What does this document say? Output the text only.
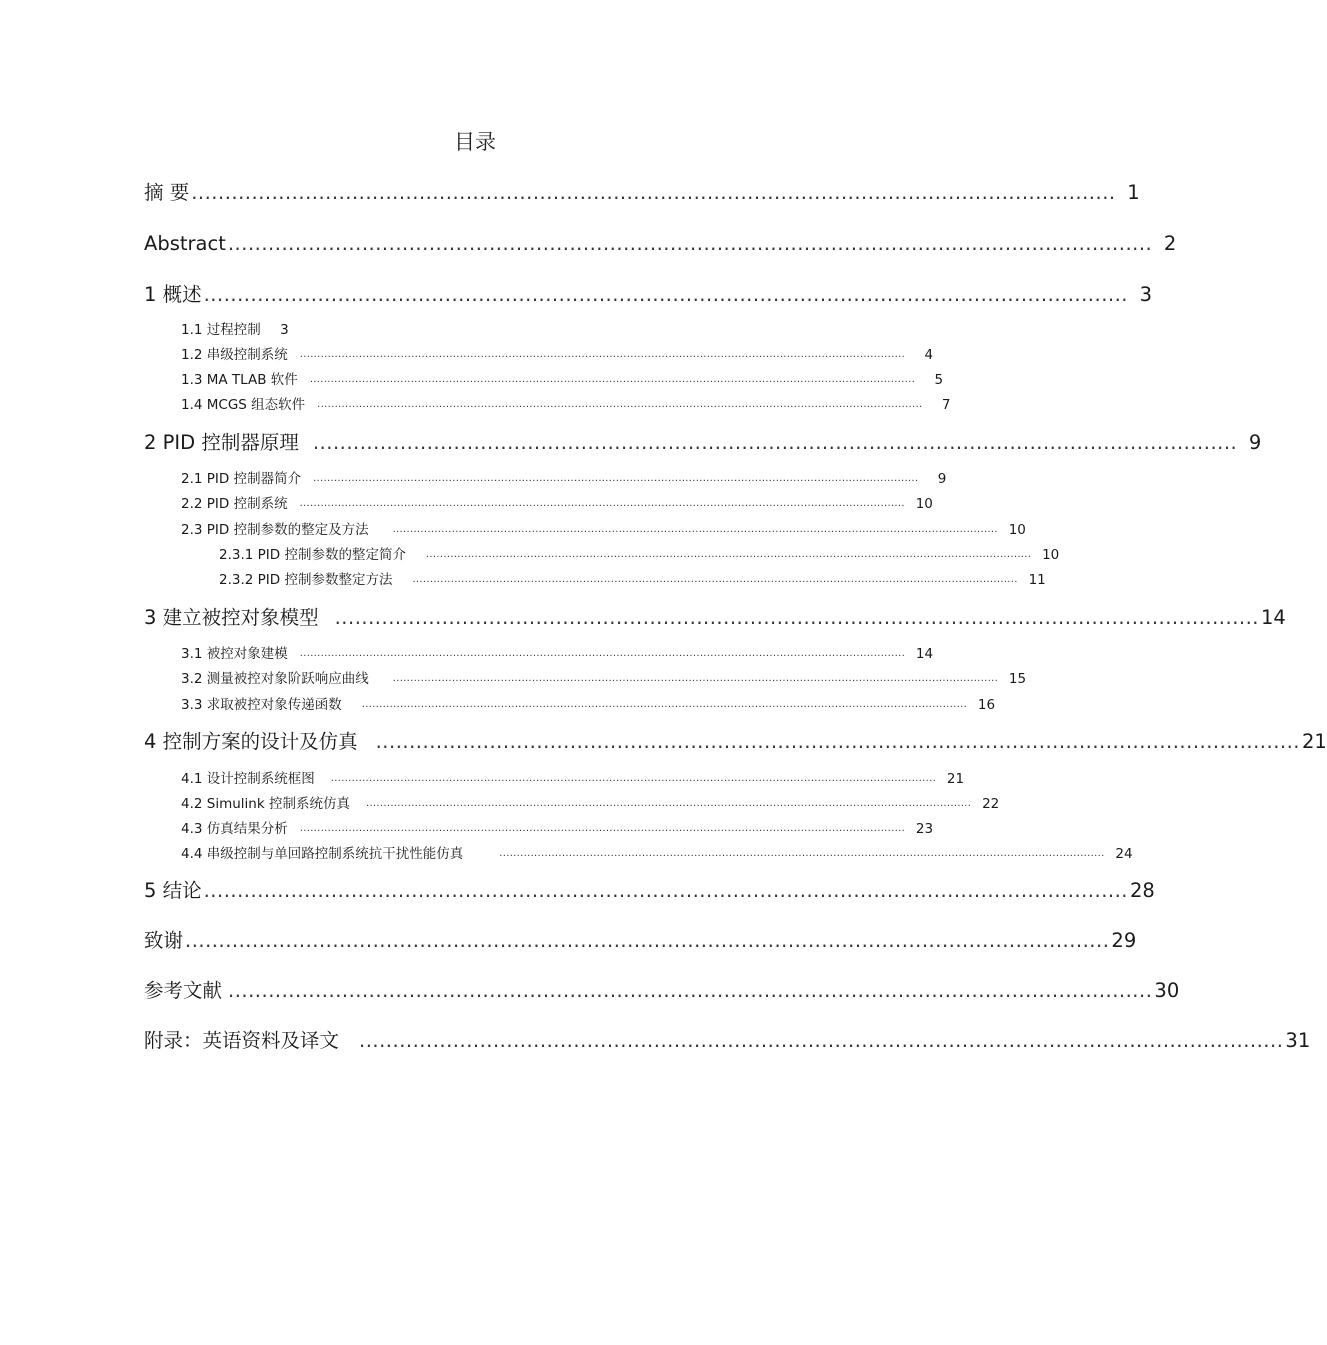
目录
摘 要 .......................................................................................................................................... 1
Abstract .......................................................................................................................................... 2
1 概述 .......................................................................................................................................... 3
1.1 过程控制	3
1.2 串级控制系统 ..............................................................................................................................................................................	4
1.3 MA TLAB 软件 ..............................................................................................................................................................................	5
1.4 MCGS 组态软件 ..............................................................................................................................................................................	7
2 PID 控制器原理 .......................................................................................................................................... 9
2.1 PID 控制器简介 ..............................................................................................................................................................................	9
2.2 PID 控制系统 .............................................................................................................................................................................. 10
2.3 PID 控制参数的整定及方法 .............................................................................................................................................................................. 10
2.3.1 PID 控制参数的整定简介 .............................................................................................................................................................................. 10
2.3.2 PID 控制参数整定方法 .............................................................................................................................................................................. 11
3 建立被控对象模型 .......................................................................................................................................... 14
3.1 被控对象建模 .............................................................................................................................................................................. 14
3.2 测量被控对象阶跃响应曲线 .............................................................................................................................................................................. 15
3.3 求取被控对象传递函数 .............................................................................................................................................................................. 16
4 控制方案的设计及仿真 .......................................................................................................................................... 21
4.1 设计控制系统框图 .............................................................................................................................................................................. 21
4.2 Simulink 控制系统仿真 .............................................................................................................................................................................. 22
4.3 仿真结果分析 .............................................................................................................................................................................. 23
4.4 串级控制与单回路控制系统抗干扰性能仿真	.............................................................................................................................................................................. 24
5 结论 .......................................................................................................................................... 28
致谢 .......................................................................................................................................... 29
参考文献 .......................................................................................................................................... 30
附录：英语资料及译文 .......................................................................................................................................... 31
